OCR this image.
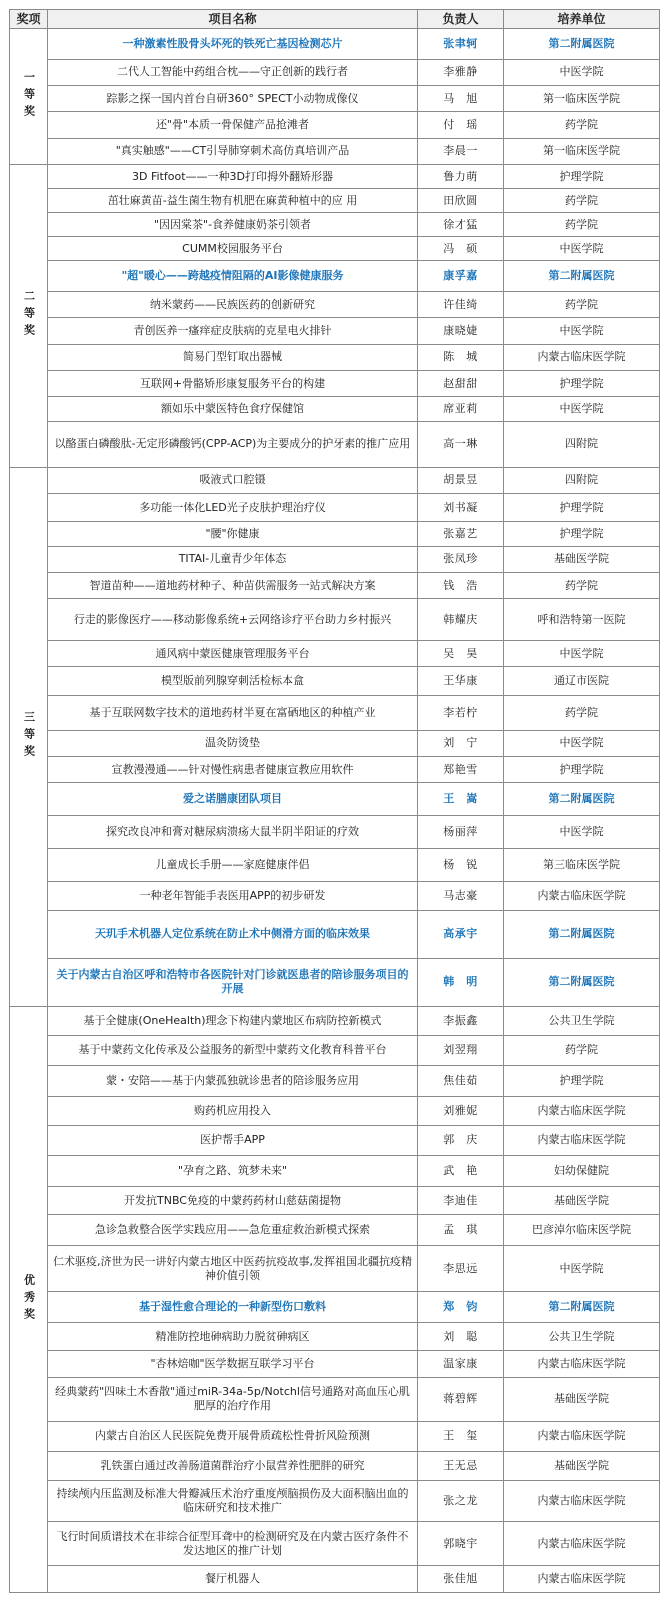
奖项	项目名称	负责人	培养单位
一等奖	一种激素性股骨头坏死的铁死亡基因检测芯片	张聿轲	第二附属医院
	二代人工智能中药组合枕——守正创新的践行者	李雅静	中医学院
	踪影之探一国内首台自研360° SPECT小动物成像仪	马　旭	第一临床医学院
	还"骨"本质一骨保健产品抢滩者	付　瑶	药学院
	"真实触感"——CT引导肺穿刺术高仿真培训产品	李晨一	第一临床医学院
二等奖	3D Fitfoot——一种3D打印拇外翻矫形器	鲁力萌	护理学院
	茁壮麻黄苗-益生菌生物有机肥在麻黄种植中的应 用	田欣圆	药学院
	"因因棠茶"-食养健康奶茶引领者	徐才猛	药学院
	CUMM校园服务平台	冯　硕	中医学院
	"超"暖心——跨越疫情阻隔的AI影像健康服务	康孚嘉	第二附属医院
	纳米蒙药——民族医药的创新研究	许佳绮	药学院
	青创医养一瘙痒症皮肤病的克星电火排针	康晓婕	中医学院
	简易门型钉取出器械	陈　城	内蒙古临床医学院
	互联网+骨骼矫形康复服务平台的构建	赵甜甜	护理学院
	额如乐中蒙医特色食疗保健馆	席亚莉	中医学院
	以酪蛋白磷酸肽-无定形磷酸钙(CPP-ACP)为主要成分的护牙素的推广应用	高一琳	四附院
三等奖	吸液式口腔镊	胡景昱	四附院
	多功能一体化LED光子皮肤护理治疗仪	刘书凝	护理学院
	"腰"你健康	张嘉艺	护理学院
	TITAI-儿童青少年体态	张凤珍	基础医学院
	智道苗种——道地药材种子、种苗供需服务一站式解决方案	钱　浩	药学院
	行走的影像医疗——移动影像系统+云网络诊疗平台助力乡村振兴	韩耀庆	呼和浩特第一医院
	通风病中蒙医健康管理服务平台	吴　昊	中医学院
	模型版前列腺穿刺活检标本盒	王华康	通辽市医院
	基于互联网数字技术的道地药材半夏在富硒地区的种植产业	李若柠	药学院
	温灸防烫垫	刘　宁	中医学院
	宣教漫漫通——针对慢性病患者健康宣教应用软件	郑艳雪	护理学院
	爱之诺膳康团队项目	王　嵩	第二附属医院
	探究改良冲和膏对糖尿病溃疡大鼠半阴半阳证的疗效	杨丽萍	中医学院
	儿童成长手册——家庭健康伴侣	杨　锐	第三临床医学院
	一种老年智能手表医用APP的初步研发	马志豪	内蒙古临床医学院
	天玑手术机器人定位系统在防止术中侧滑方面的临床效果	高承宇	第二附属医院
	关于内蒙古自治区呼和浩特市各医院针对门诊就医患者的陪诊服务项目的开展	韩　明	第二附属医院
优秀奖	基于全健康(OneHealth)理念下构建内蒙地区布病防控新模式	李振鑫	公共卫生学院
	基于中蒙药文化传承及公益服务的新型中蒙药文化教育科普平台	刘翌翔	药学院
	蒙・安陪——基于内蒙孤独就诊患者的陪诊服务应用	焦佳茹	护理学院
	购药机应用投入	刘雅妮	内蒙古临床医学院
	医护帮手APP	郭　庆	内蒙古临床医学院
	"孕育之路、筑梦未来"	武　艳	妇幼保健院
	开发抗TNBC免疫的中蒙药药材山慈菇菌提物	李迪佳	基础医学院
	急诊急救整合医学实践应用——急危重症救治新模式探索	孟　琪	巴彦淖尔临床医学院
	仁术驱疫,济世为民一讲好内蒙古地区中医药抗疫故事,发挥祖国北疆抗疫精神价值引领	李思远	中医学院
	基于湿性愈合理论的一种新型伤口敷料	郑　钧	第二附属医院
	精准防控地砷病助力脱贫砷病区	刘　聪	公共卫生学院
	"杏林焙咖"医学数据互联学习平台	温家康	内蒙古临床医学院
	经典蒙药"四味土木香散"通过miR-34a-5p/Notchl信号通路对高血压心肌肥厚的治疗作用	蒋碧辉	基础医学院
	内蒙古自治区人民医院免费开展骨质疏松性骨折风险预测	王　玺	内蒙古临床医学院
	乳铁蛋白通过改善肠道菌群治疗小鼠营养性肥胖的研究	王无忌	基础医学院
	持续颅内压监测及标准大骨瓣减压术治疗重度颅脑损伤及大面积脑出血的临床研究和技术推广	张之龙	内蒙古临床医学院
	飞行时间质谱技术在非综合征型耳聋中的检测研究及在内蒙古医疗条件不发达地区的推广计划	郭晓宇	内蒙古临床医学院
	餐厅机器人	张佳旭	内蒙古临床医学院
